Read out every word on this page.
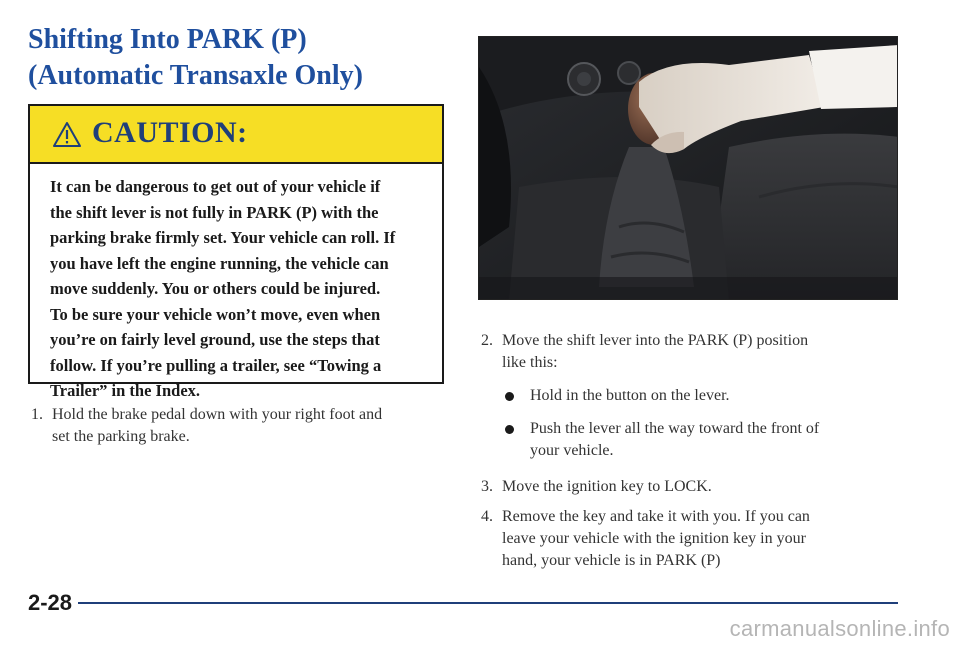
Shifting Into PARK (P)
(Automatic Transaxle Only)
CAUTION:
It can be dangerous to get out of your vehicle if
the shift lever is not fully in PARK (P) with the
parking brake firmly set. Your vehicle can roll. If
you have left the engine running, the vehicle can
move suddenly. You or others could be injured.
To be sure your vehicle won’t move, even when
you’re on fairly level ground, use the steps that
follow. If you’re pulling a trailer, see “Towing a
Trailer” in the Index.
1. Hold the brake pedal down with your right foot and
set the parking brake.
2. Move the shift lever into the PARK (P) position
like this:
Hold in the button on the lever.
Push the lever all the way toward the front of
your vehicle.
3. Move the ignition key to LOCK.
4. Remove the key and take it with you. If you can
leave your vehicle with the ignition key in your
hand, your vehicle is in PARK (P)
2-28
carmanualsonline.info
